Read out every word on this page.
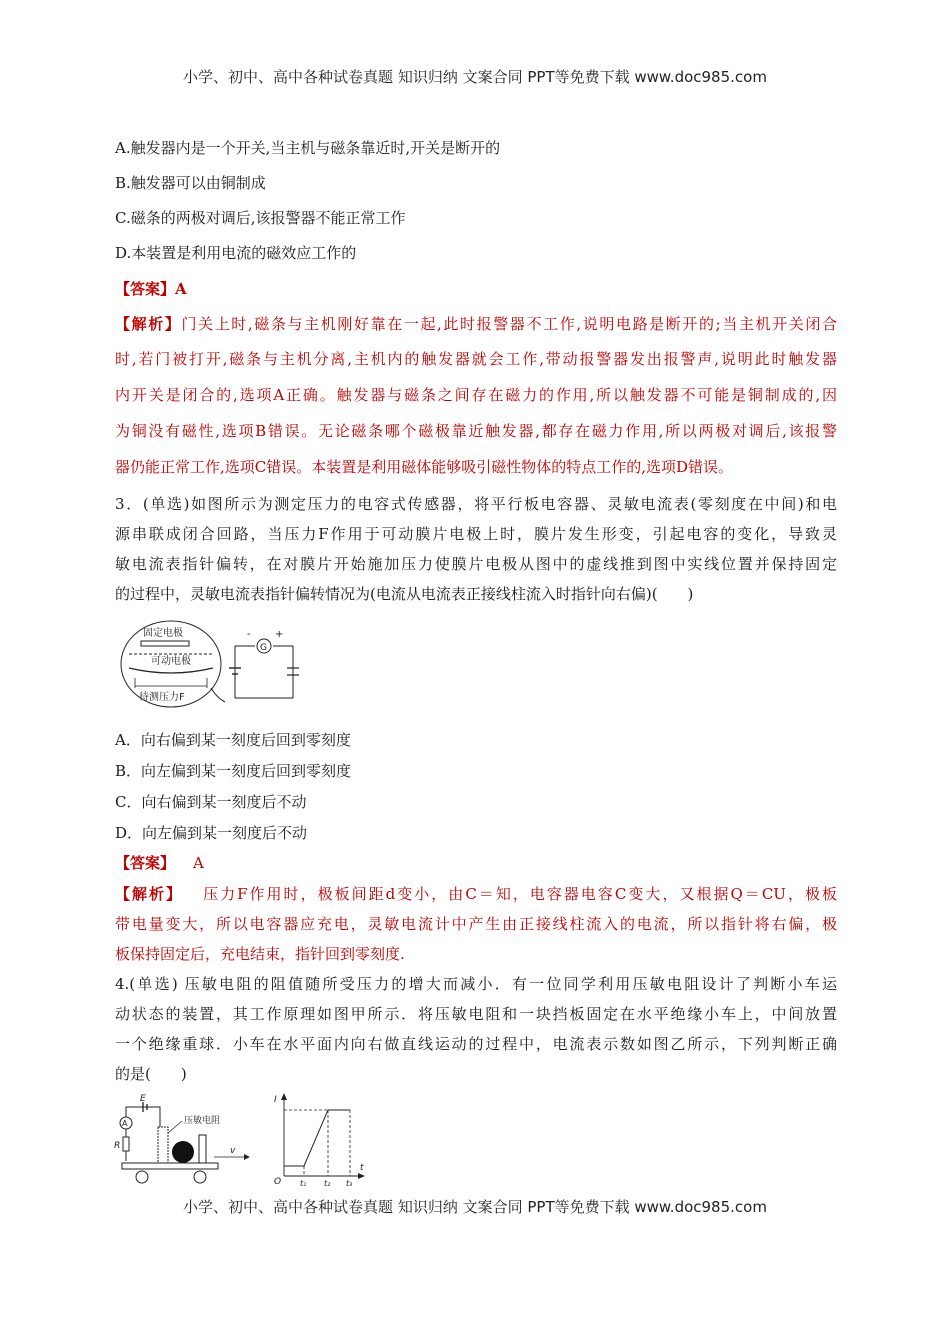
小学、初中、高中各种试卷真题 知识归纳 文案合同 PPT等免费下载 www.doc985.com
A.触发器内是一个开关,当主机与磁条靠近时,开关是断开的
B.触发器可以由铜制成
C.磁条的两极对调后,该报警器不能正常工作
D.本装置是利用电流的磁效应工作的
【答案】A
【解析】门关上时,磁条与主机刚好靠在一起,此时报警器不工作,说明电路是断开的;当主机开关闭合
时,若门被打开,磁条与主机分离,主机内的触发器就会工作,带动报警器发出报警声,说明此时触发器
内开关是闭合的,选项A正确。触发器与磁条之间存在磁力的作用,所以触发器不可能是铜制成的,因
为铜没有磁性,选项B错误。无论磁条哪个磁极靠近触发器,都存在磁力作用,所以两极对调后,该报警
器仍能正常工作,选项C错误。本装置是利用磁体能够吸引磁性物体的特点工作的,选项D错误。
3．(单选)如图所示为测定压力的电容式传感器，将平行板电容器、灵敏电流表(零刻度在中间)和电
源串联成闭合回路，当压力F作用于可动膜片电极上时，膜片发生形变，引起电容的变化，导致灵
敏电流表指针偏转，在对膜片开始施加压力使膜片电极从图中的虚线推到图中实线位置并保持固定
的过程中，灵敏电流表指针偏转情况为(电流从电流表正接线柱流入时指针向右偏)(　　)
固定电极
可动电极
待测压力F
G
- +
A．向右偏到某一刻度后回到零刻度
B．向左偏到某一刻度后回到零刻度
C．向右偏到某一刻度后不动
D．向左偏到某一刻度后不动
【答案】 A
【解析】 压力F作用时，极板间距d变小，由C＝知，电容器电容C变大，又根据Q＝CU，极板
带电量变大，所以电容器应充电，灵敏电流计中产生由正接线柱流入的电流，所以指针将右偏，极
板保持固定后，充电结束，指针回到零刻度.
4.(单选) 压敏电阻的阻值随所受压力的增大而减小．有一位同学利用压敏电阻设计了判断小车运
动状态的装置，其工作原理如图甲所示．将压敏电阻和一块挡板固定在水平绝缘小车上，中间放置
一个绝缘重球．小车在水平面内向右做直线运动的过程中，电流表示数如图乙所示，下列判断正确
的是(　　)
E
A
R
压敏电阻
v
I
O
t
t₁ t₂ t₃
小学、初中、高中各种试卷真题 知识归纳 文案合同 PPT等免费下载 www.doc985.com
